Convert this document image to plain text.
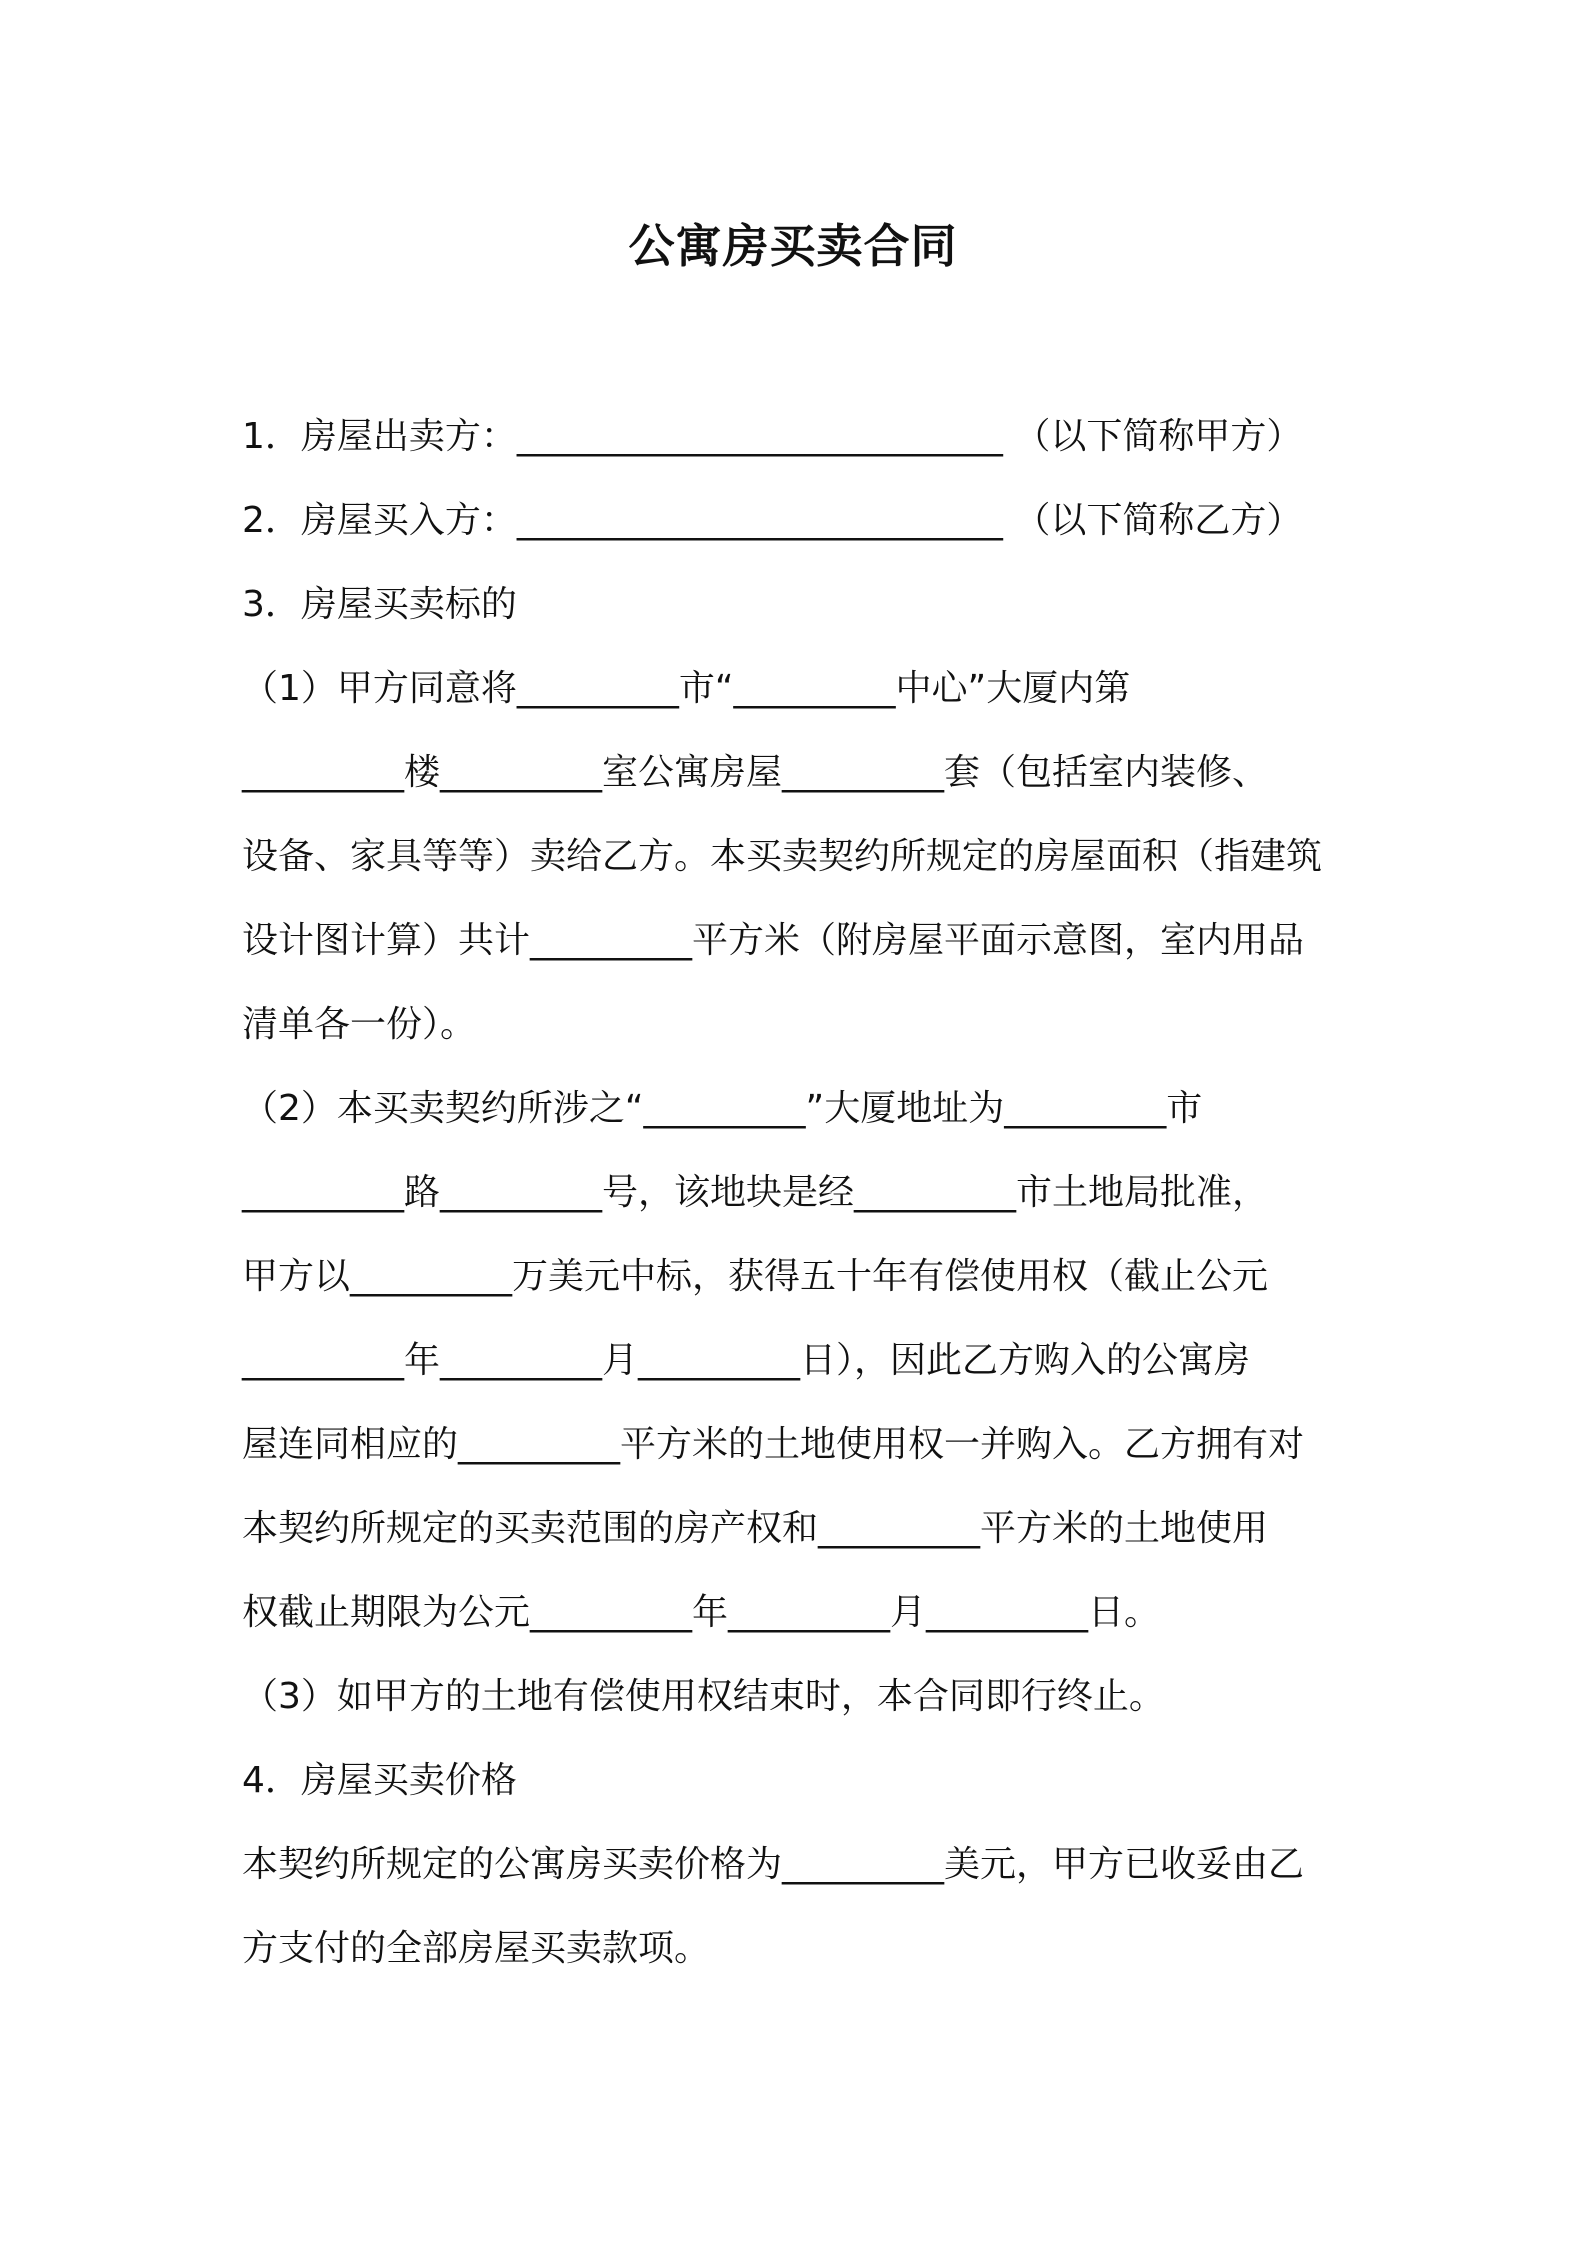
公寓房买卖合同
1．房屋出卖方：___________________________ （以下简称甲方）
2．房屋买入方：___________________________ （以下简称乙方）
3．房屋买卖标的
（1）甲方同意将_________市“_________中心”大厦内第
_________楼_________室公寓房屋_________套（包括室内装修、
设备、家具等等）卖给乙方。本买卖契约所规定的房屋面积（指建筑
设计图计算）共计_________平方米（附房屋平面示意图，室内用品
清单各一份）。
（2）本买卖契约所涉之“_________”大厦地址为_________市
_________路_________号，该地块是经_________市土地局批准，
甲方以_________万美元中标，获得五十年有偿使用权（截止公元
_________年_________月_________日），因此乙方购入的公寓房
屋连同相应的_________平方米的土地使用权一并购入。乙方拥有对
本契约所规定的买卖范围的房产权和_________平方米的土地使用
权截止期限为公元_________年_________月_________日。
（3）如甲方的土地有偿使用权结束时，本合同即行终止。
4．房屋买卖价格
本契约所规定的公寓房买卖价格为_________美元，甲方已收妥由乙
方支付的全部房屋买卖款项。
